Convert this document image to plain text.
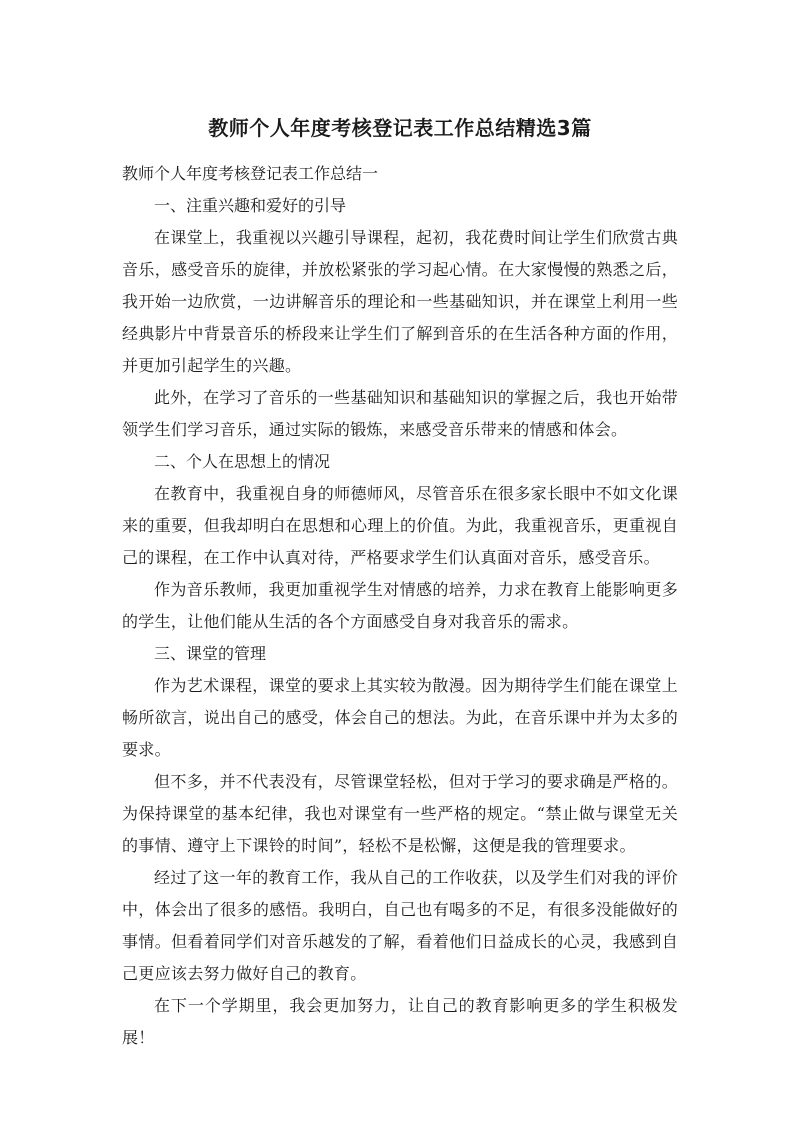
教师个人年度考核登记表工作总结精选3篇

教师个人年度考核登记表工作总结一

一、注重兴趣和爱好的引导

在课堂上，我重视以兴趣引导课程，起初，我花费时间让学生们欣赏古典音乐，感受音乐的旋律，并放松紧张的学习起心情。在大家慢慢的熟悉之后，我开始一边欣赏，一边讲解音乐的理论和一些基础知识，并在课堂上利用一些经典影片中背景音乐的桥段来让学生们了解到音乐的在生活各种方面的作用，并更加引起学生的兴趣。

此外，在学习了音乐的一些基础知识和基础知识的掌握之后，我也开始带领学生们学习音乐，通过实际的锻炼，来感受音乐带来的情感和体会。

二、个人在思想上的情况

在教育中，我重视自身的师德师风，尽管音乐在很多家长眼中不如文化课来的重要，但我却明白在思想和心理上的价值。为此，我重视音乐，更重视自己的课程，在工作中认真对待，严格要求学生们认真面对音乐，感受音乐。

作为音乐教师，我更加重视学生对情感的培养，力求在教育上能影响更多的学生，让他们能从生活的各个方面感受自身对我音乐的需求。

三、课堂的管理

作为艺术课程，课堂的要求上其实较为散漫。因为期待学生们能在课堂上畅所欲言，说出自己的感受，体会自己的想法。为此，在音乐课中并为太多的要求。

但不多，并不代表没有，尽管课堂轻松，但对于学习的要求确是严格的。为保持课堂的基本纪律，我也对课堂有一些严格的规定。“禁止做与课堂无关的事情、遵守上下课铃的时间”，轻松不是松懈，这便是我的管理要求。

经过了这一年的教育工作，我从自己的工作收获，以及学生们对我的评价中，体会出了很多的感悟。我明白，自己也有喝多的不足，有很多没能做好的事情。但看着同学们对音乐越发的了解，看着他们日益成长的心灵，我感到自己更应该去努力做好自己的教育。

在下一个学期里，我会更加努力，让自己的教育影响更多的学生积极发展！
